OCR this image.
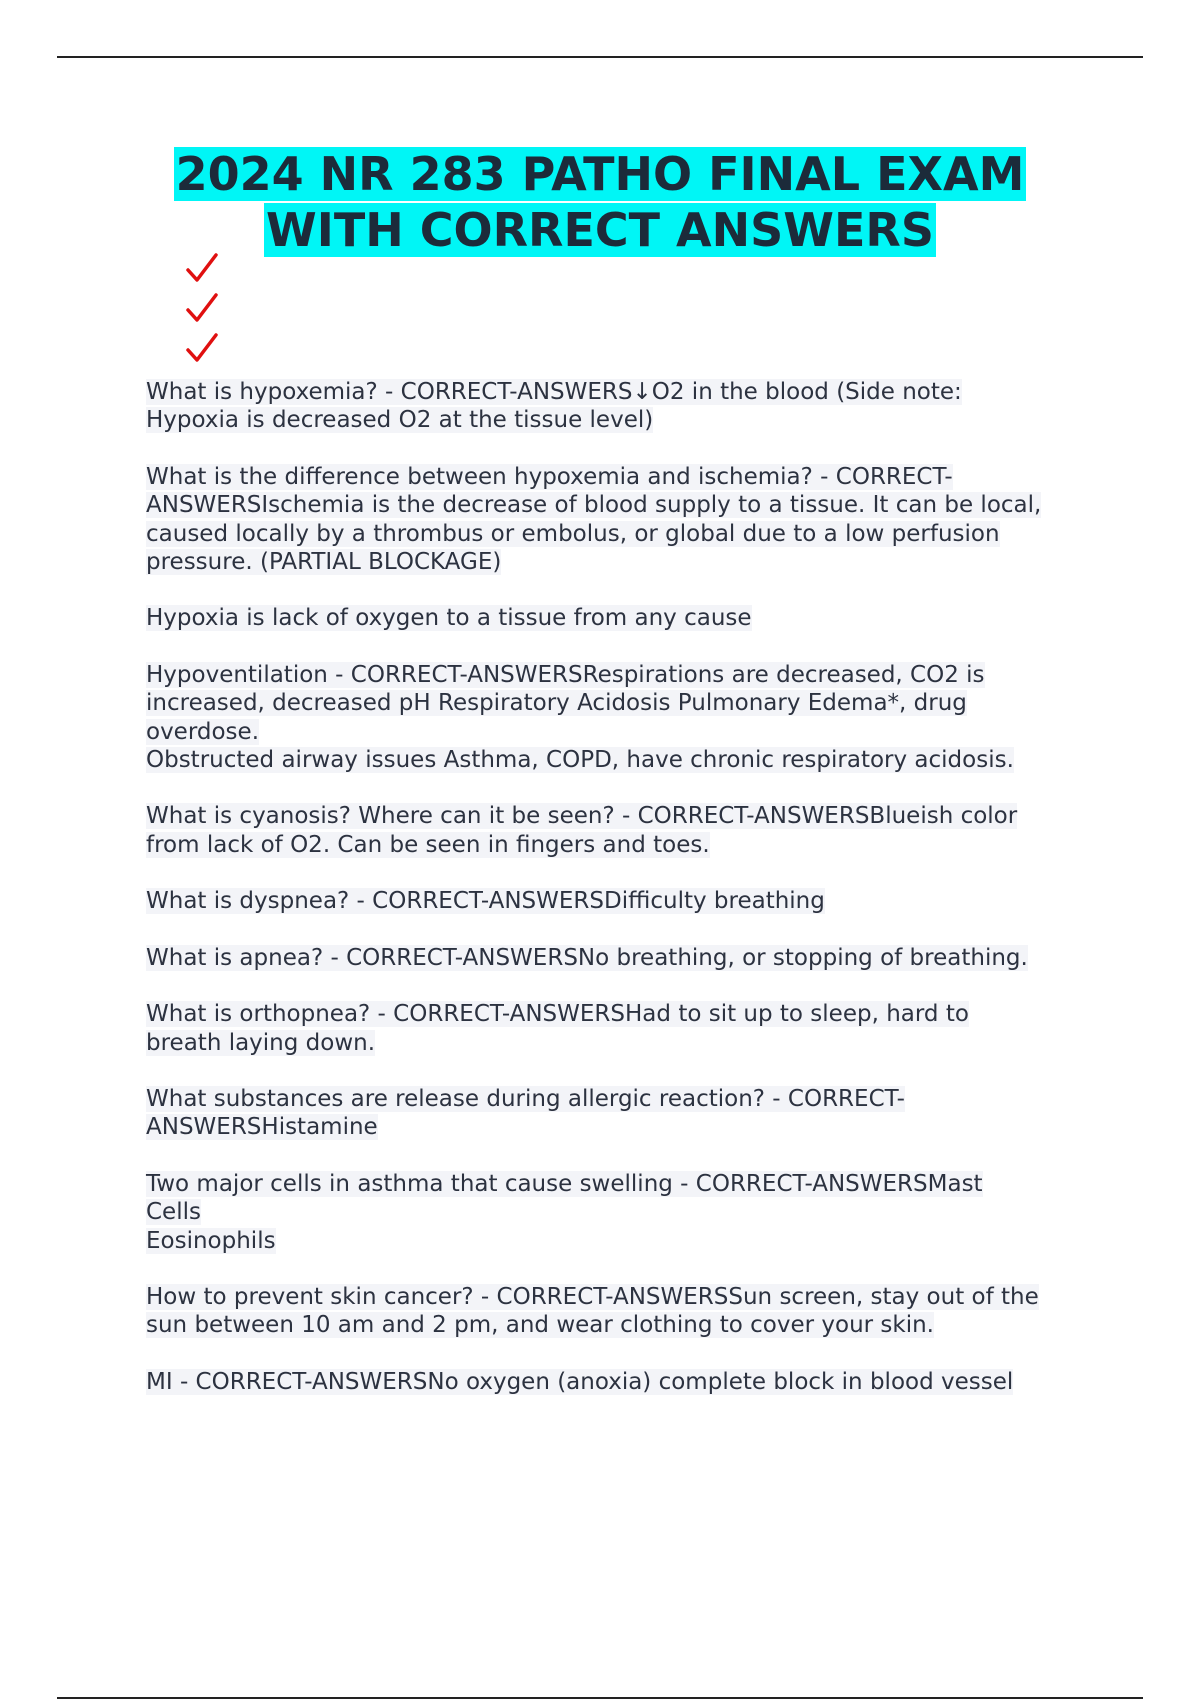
2024 NR 283 PATHO FINAL EXAM
WITH CORRECT ANSWERS

What is hypoxemia? - CORRECT-ANSWERS↓O2 in the blood (Side note:
Hypoxia is decreased O2 at the tissue level)

What is the difference between hypoxemia and ischemia? - CORRECT-
ANSWERSIschemia is the decrease of blood supply to a tissue. It can be local,
caused locally by a thrombus or embolus, or global due to a low perfusion
pressure. (PARTIAL BLOCKAGE)

Hypoxia is lack of oxygen to a tissue from any cause

Hypoventilation - CORRECT-ANSWERSRespirations are decreased, CO2 is
increased, decreased pH Respiratory Acidosis Pulmonary Edema*, drug
overdose.
Obstructed airway issues Asthma, COPD, have chronic respiratory acidosis.

What is cyanosis? Where can it be seen? - CORRECT-ANSWERSBlueish color
from lack of O2. Can be seen in fingers and toes.

What is dyspnea? - CORRECT-ANSWERSDifficulty breathing

What is apnea? - CORRECT-ANSWERSNo breathing, or stopping of breathing.

What is orthopnea? - CORRECT-ANSWERSHad to sit up to sleep, hard to
breath laying down.

What substances are release during allergic reaction? - CORRECT-
ANSWERSHistamine

Two major cells in asthma that cause swelling - CORRECT-ANSWERSMast
Cells
Eosinophils

How to prevent skin cancer? - CORRECT-ANSWERSSun screen, stay out of the
sun between 10 am and 2 pm, and wear clothing to cover your skin.

MI - CORRECT-ANSWERSNo oxygen (anoxia) complete block in blood vessel
